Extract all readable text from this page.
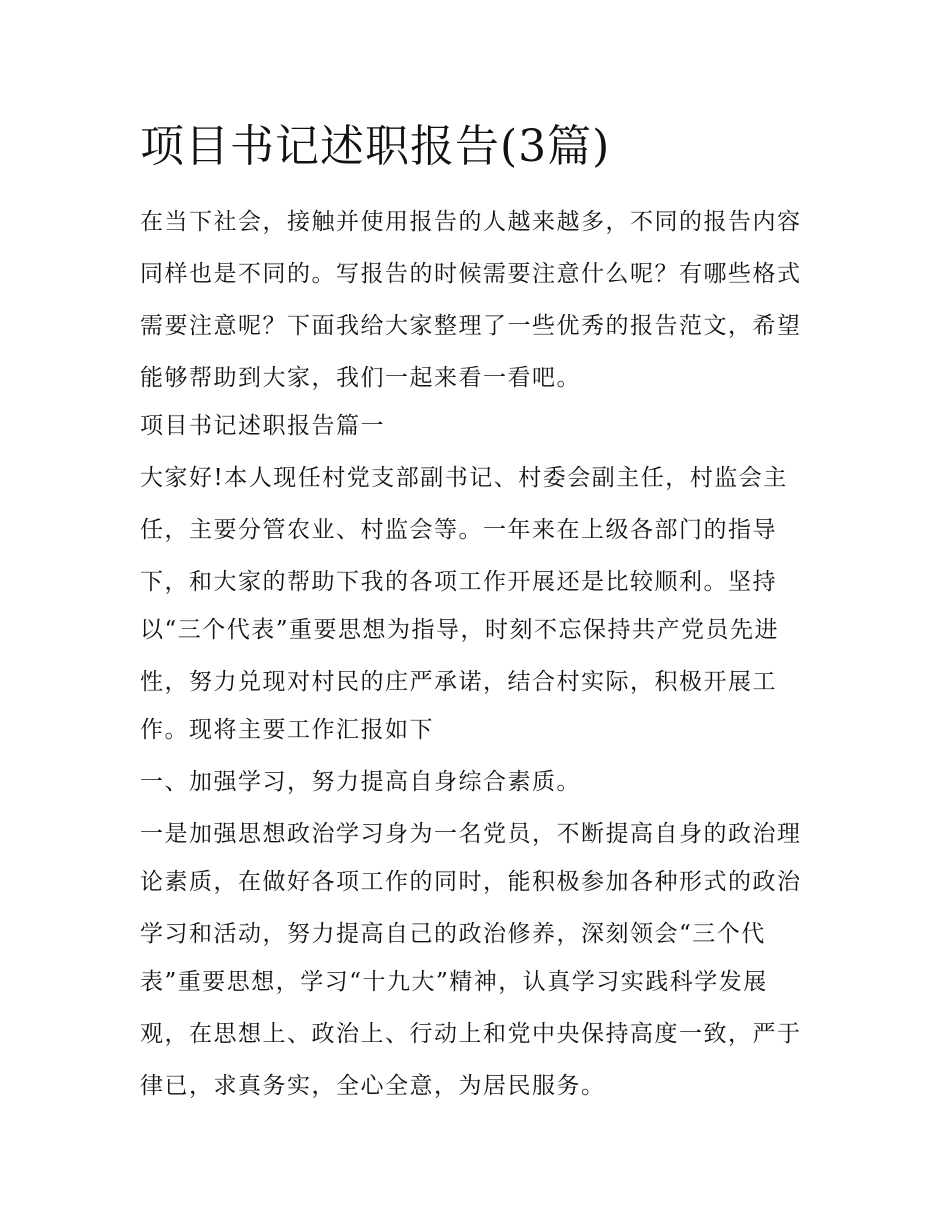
项目书记述职报告(3篇)

在当下社会，接触并使用报告的人越来越多，不同的报告内容

同样也是不同的。写报告的时候需要注意什么呢？有哪些格式

需要注意呢？下面我给大家整理了一些优秀的报告范文，希望

能够帮助到大家，我们一起来看一看吧。

项目书记述职报告篇一

大家好!本人现任村党支部副书记、村委会副主任，村监会主

任，主要分管农业、村监会等。一年来在上级各部门的指导

下，和大家的帮助下我的各项工作开展还是比较顺利。坚持

以“三个代表”重要思想为指导，时刻不忘保持共产党员先进

性，努力兑现对村民的庄严承诺，结合村实际，积极开展工

作。现将主要工作汇报如下

一、加强学习，努力提高自身综合素质。

一是加强思想政治学习身为一名党员，不断提高自身的政治理

论素质，在做好各项工作的同时，能积极参加各种形式的政治

学习和活动，努力提高自己的政治修养，深刻领会“三个代

表”重要思想，学习“十九大”精神，认真学习实践科学发展

观，在思想上、政治上、行动上和党中央保持高度一致，严于

律已，求真务实，全心全意，为居民服务。
